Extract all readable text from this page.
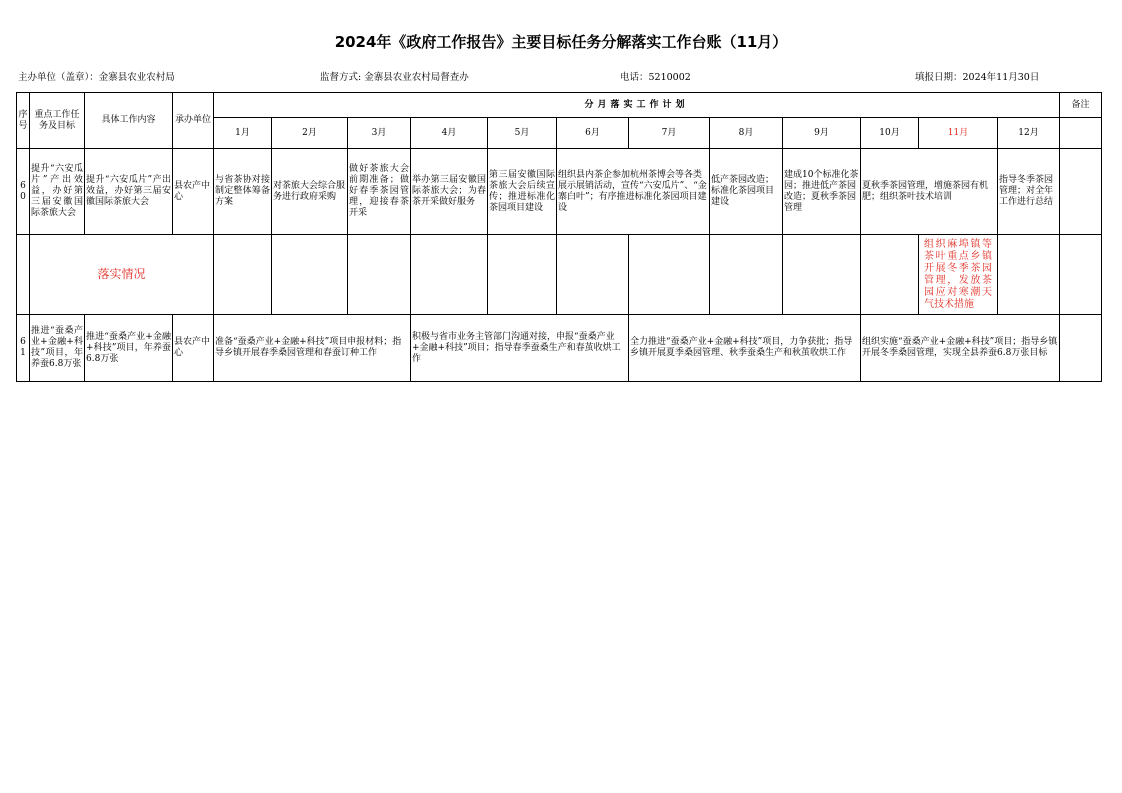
2024年《政府工作报告》主要目标任务分解落实工作台账（11月）
主办单位（盖章）：金寨县农业农村局	监督方式: 金寨县农业农村局督查办	电话：5210002	填报日期：2024年11月30日
序号	重点工作任务及目标	具体工作内容	承办单位	分月落实工作计划												备注
				1月	2月	3月	4月	5月	6月	7月	8月	9月	10月	11月	12月	
60	提升“六安瓜片”产出效益，办好第三届安徽国际茶旅大会	提升“六安瓜片”产出效益，办好第三届安徽国际茶旅大会	县农产中心	与省茶协对接制定整体筹备方案	对茶旅大会综合服务进行政府采购	做好茶旅大会前期准备；做好春季茶园管理，迎接春茶开采	举办第三届安徽国际茶旅大会；为春茶开采做好服务	第三届安徽国际茶旅大会后续宣传；推进标准化茶园项目建设	组织县内茶企参加杭州茶博会等各类展示展销活动，宣传“六安瓜片”、“金寨白叶”；有序推进标准化茶园项目建设		低产茶园改造；标准化茶园项目建设	建成10个标准化茶园；推进低产茶园改造；夏秋季茶园管理	夏秋季茶园管理，增施茶园有机肥；组织茶叶技术培训		指导冬季茶园管理；对全年工作进行总结	
	落实情况													组织麻埠镇等茶叶重点乡镇开展冬季茶园管理，发放茶园应对寒潮天气技术措施		
61	推进“蚕桑产业+金融+科技”项目，年养蚕6.8万张	推进“蚕桑产业+金融+科技”项目，年养蚕6.8万张	县农产中心	准备“蚕桑产业+金融+科技”项目申报材料；指导乡镇开展春季桑园管理和春蚕订种工作			积极与省市业务主管部门沟通对接，申报“蚕桑产业+金融+科技”项目；指导春季蚕桑生产和春茧收烘工作			全力推进“蚕桑产业+金融+科技”项目，力争获批；指导乡镇开展夏季桑园管理、秋季蚕桑生产和秋茧收烘工作			组织实施“蚕桑产业+金融+科技”项目；指导乡镇开展冬季桑园管理，实现全县养蚕6.8万张目标			
